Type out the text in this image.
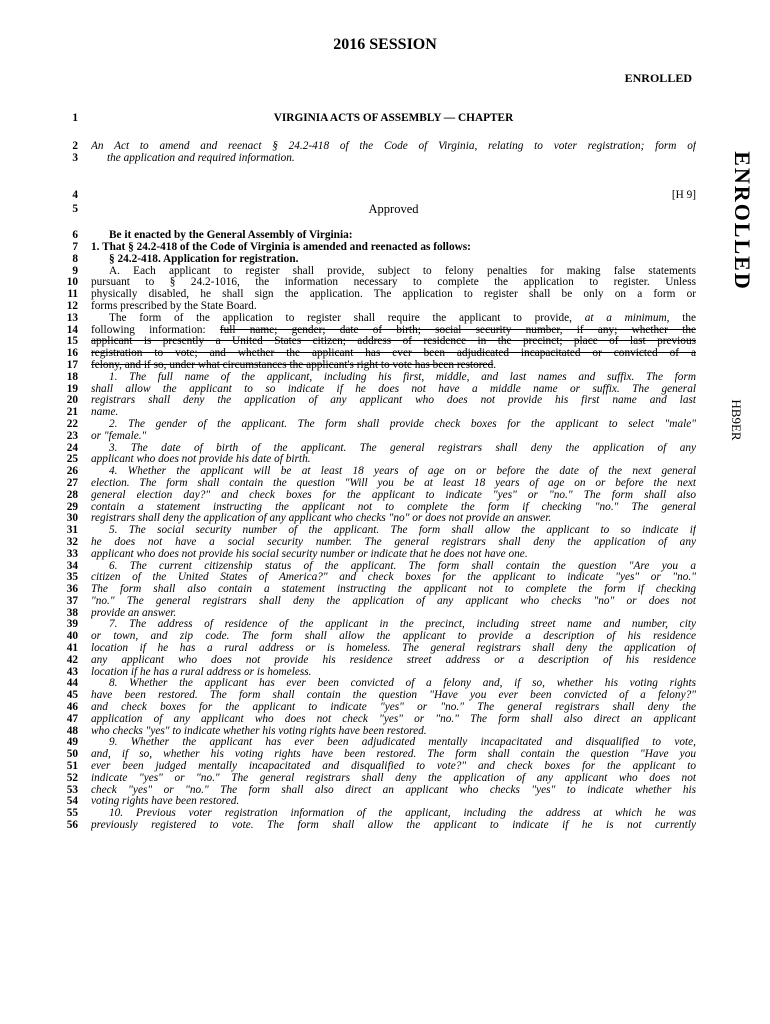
2016 SESSION
ENROLLED
ENROLLED
HB9ER
1	VIRGINIA ACTS OF ASSEMBLY –– CHAPTER
2 An Act to amend and reenact § 24.2-418 of the Code of Virginia, relating to voter registration; form of
3	the application and required information.
4	[H 9]
5	Approved
6	Be it enacted by the General Assembly of Virginia:
7 1. That § 24.2-418 of the Code of Virginia is amended and reenacted as follows:
8	§ 24.2-418. Application for registration.
9	A. Each applicant to register shall provide, subject to felony penalties for making false statements
10 pursuant to § 24.2-1016, the information necessary to complete the application to register. Unless
11 physically disabled, he shall sign the application. The application to register shall be only on a form or
12 forms prescribed by the State Board.
13	The form of the application to register shall require the applicant to provide, at a minimum, the
14 following information: full name; gender; date of birth; social security number, if any; whether the
15 applicant is presently a United States citizen; address of residence in the precinct; place of last previous
16 registration to vote; and whether the applicant has ever been adjudicated incapacitated or convicted of a
17 felony, and if so, under what circumstances the applicant's right to vote has been restored.
18	1. The full name of the applicant, including his first, middle, and last names and suffix. The form
19 shall allow the applicant to so indicate if he does not have a middle name or suffix. The general
20 registrars shall deny the application of any applicant who does not provide his first name and last
21 name.
22	2. The gender of the applicant. The form shall provide check boxes for the applicant to select "male"
23 or "female."
24	3. The date of birth of the applicant. The general registrars shall deny the application of any
25 applicant who does not provide his date of birth.
26	4. Whether the applicant will be at least 18 years of age on or before the date of the next general
27 election. The form shall contain the question "Will you be at least 18 years of age on or before the next
28 general election day?" and check boxes for the applicant to indicate "yes" or "no." The form shall also
29 contain a statement instructing the applicant not to complete the form if checking "no." The general
30 registrars shall deny the application of any applicant who checks "no" or does not provide an answer.
31	5. The social security number of the applicant. The form shall allow the applicant to so indicate if
32 he does not have a social security number. The general registrars shall deny the application of any
33 applicant who does not provide his social security number or indicate that he does not have one.
34	6. The current citizenship status of the applicant. The form shall contain the question "Are you a
35 citizen of the United States of America?" and check boxes for the applicant to indicate "yes" or "no."
36 The form shall also contain a statement instructing the applicant not to complete the form if checking
37 "no." The general registrars shall deny the application of any applicant who checks "no" or does not
38 provide an answer.
39	7. The address of residence of the applicant in the precinct, including street name and number, city
40 or town, and zip code. The form shall allow the applicant to provide a description of his residence
41 location if he has a rural address or is homeless. The general registrars shall deny the application of
42 any applicant who does not provide his residence street address or a description of his residence
43 location if he has a rural address or is homeless.
44	8. Whether the applicant has ever been convicted of a felony and, if so, whether his voting rights
45 have been restored. The form shall contain the question "Have you ever been convicted of a felony?"
46 and check boxes for the applicant to indicate "yes" or "no." The general registrars shall deny the
47 application of any applicant who does not check "yes" or "no." The form shall also direct an applicant
48 who checks "yes" to indicate whether his voting rights have been restored.
49	9. Whether the applicant has ever been adjudicated mentally incapacitated and disqualified to vote,
50 and, if so, whether his voting rights have been restored. The form shall contain the question "Have you
51 ever been judged mentally incapacitated and disqualified to vote?" and check boxes for the applicant to
52 indicate "yes" or "no." The general registrars shall deny the application of any applicant who does not
53 check "yes" or "no." The form shall also direct an applicant who checks "yes" to indicate whether his
54 voting rights have been restored.
55	10. Previous voter registration information of the applicant, including the address at which he was
56 previously registered to vote. The form shall allow the applicant to indicate if he is not currently
